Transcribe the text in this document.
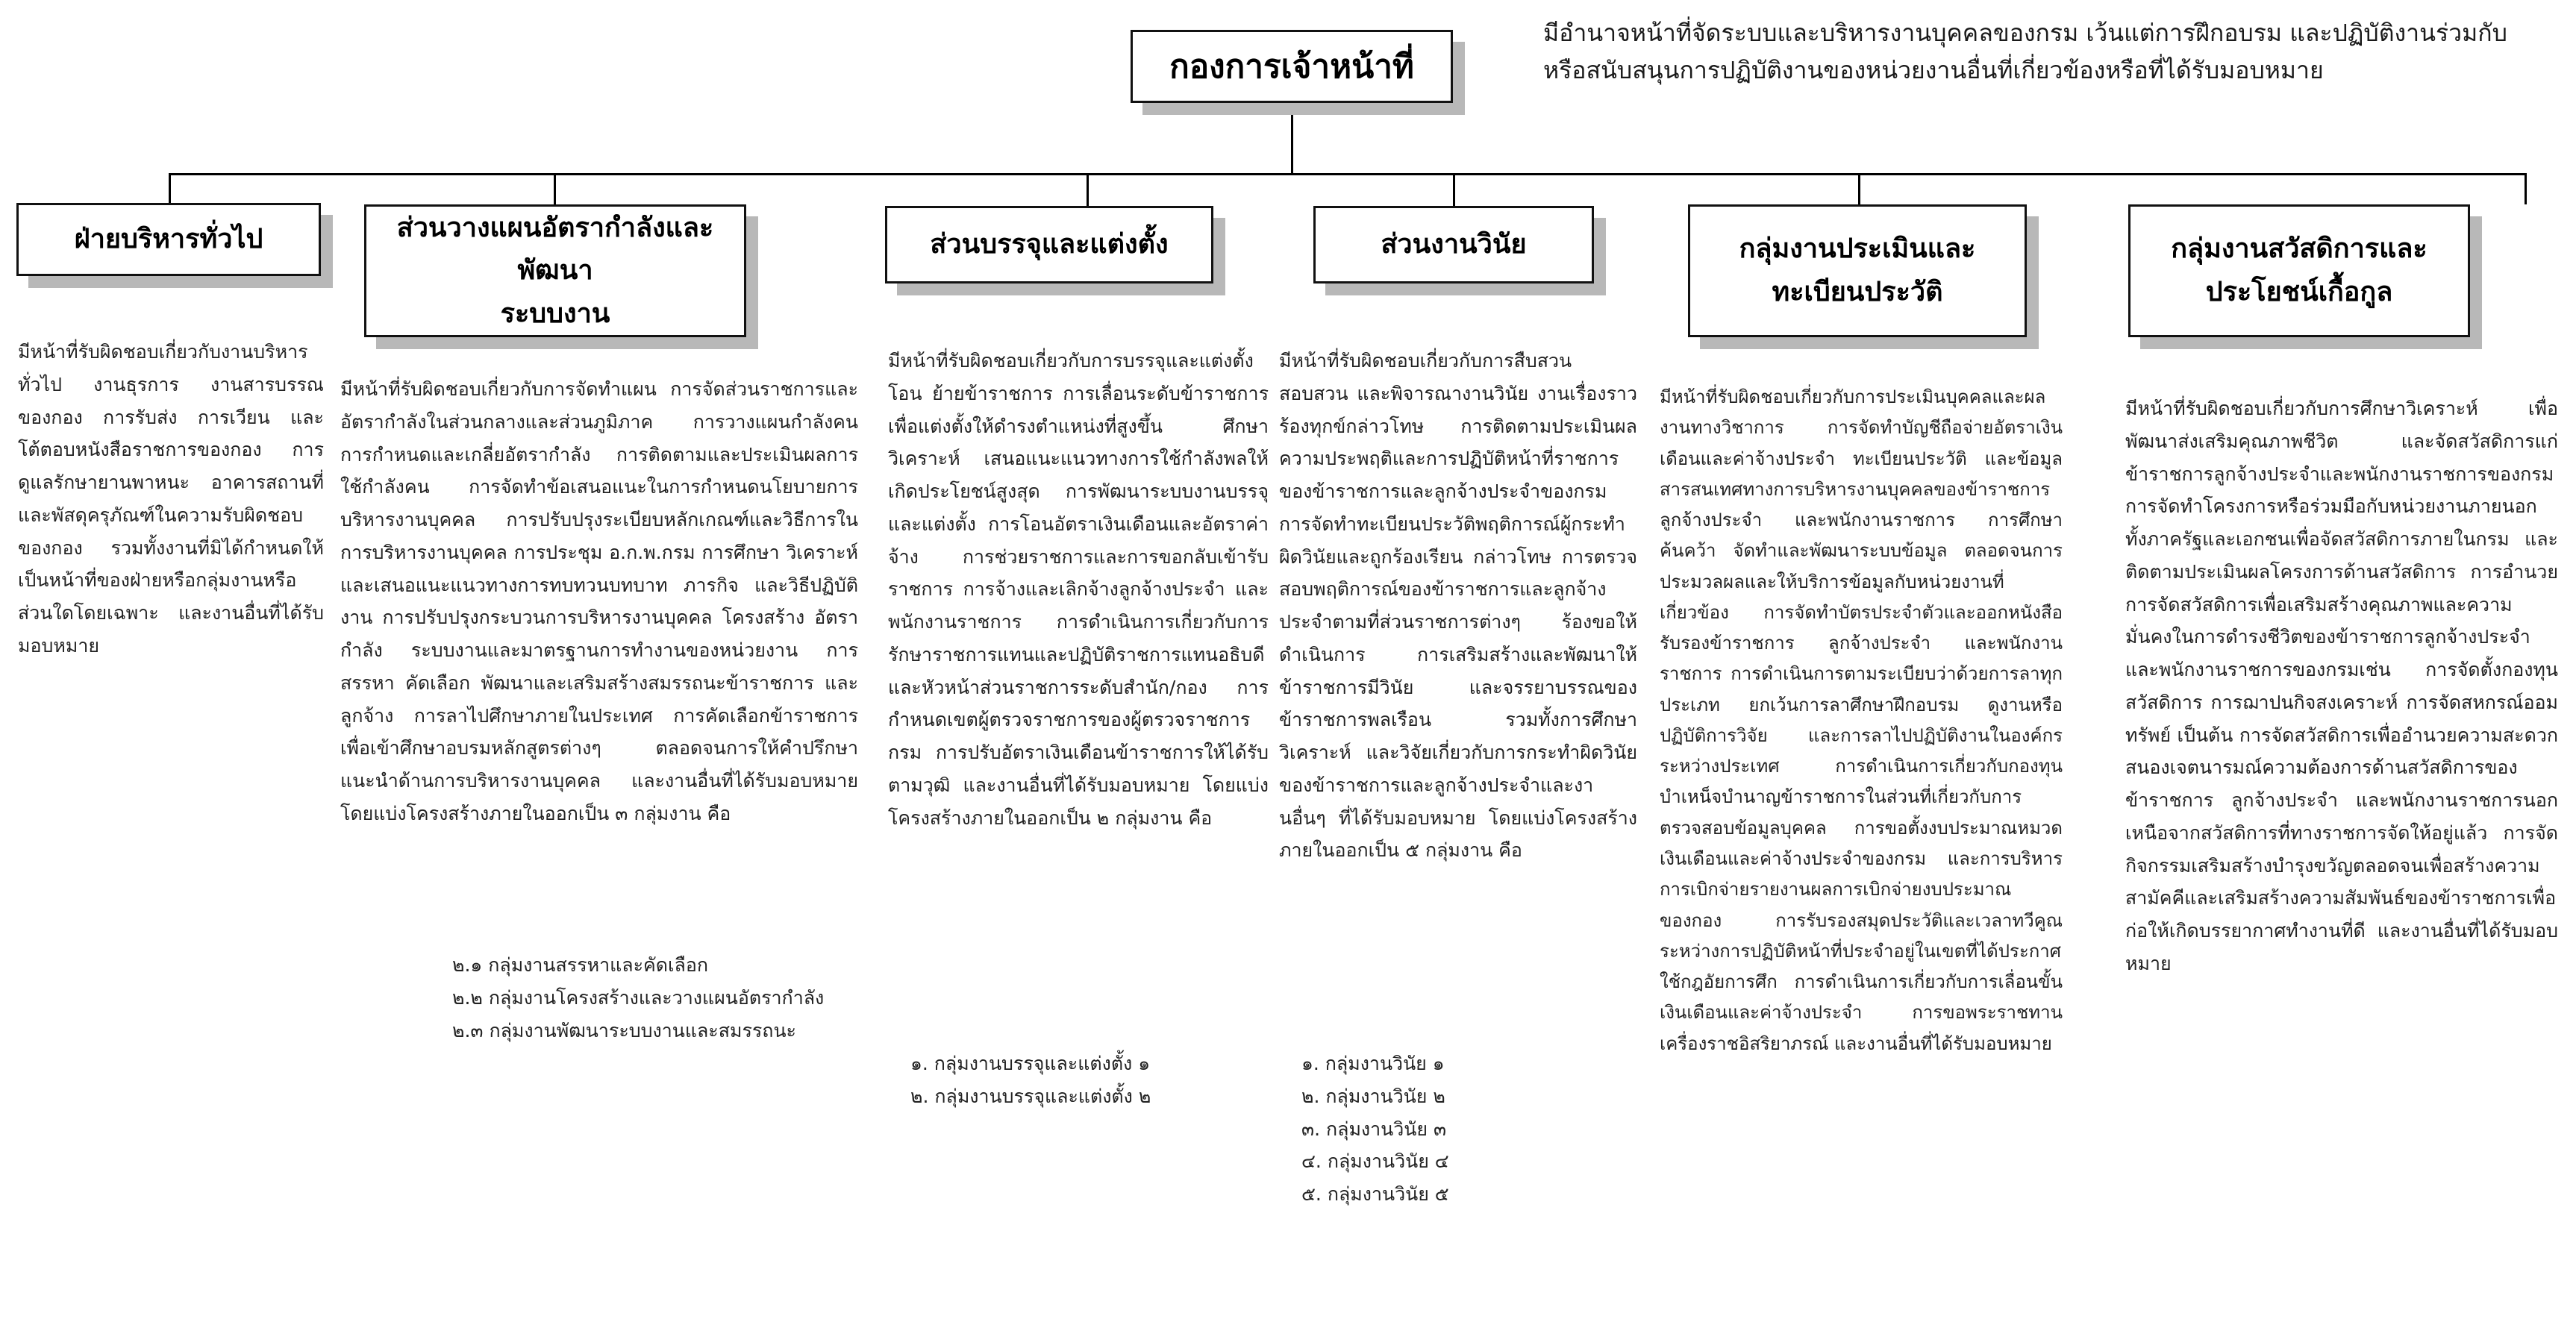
กองการเจ้าหน้าที่
มีอำนาจหน้าที่จัดระบบและบริหารงานบุคคลของกรม เว้นแต่การฝึกอบรม และปฏิบัติงานร่วมกับหรือสนับสนุนการปฏิบัติงานของหน่วยงานอื่นที่เกี่ยวข้องหรือที่ได้รับมอบหมาย
ฝ่ายบริหารทั่วไป	ส่วนวางแผนอัตรากำลังและพัฒนา
ระบบงาน
ส่วนบรรจุและแต่งตั้ง	ส่วนงานวินัย	กลุ่มงานประเมินและ
ทะเบียนประวัติ
กลุ่มงานสวัสดิการและ
ประโยชน์เกื้อกูล

มีหน้าที่รับผิดชอบเกี่ยวกับงานบริหารทั่วไป งานธุรการ งานสารบรรณของกอง การรับส่ง การเวียน และโต้ตอบหนังสือราชการของกอง การดูแลรักษายานพาหนะ อาคารสถานที่ และพัสดุครุภัณฑ์ในความรับผิดชอบของกอง รวมทั้งงานที่มิได้กำหนดให้เป็นหน้าที่ของฝ่ายหรือกลุ่มงานหรือส่วนใดโดยเฉพาะ และงานอื่นที่ได้รับมอบหมาย

มีหน้าที่รับผิดชอบเกี่ยวกับการจัดทำแผน การจัดส่วนราชการและอัตรากำลังในส่วนกลางและส่วนภูมิภาค การวางแผนกำลังคน การกำหนดและเกลี่ยอัตรากำลัง การติดตามและประเมินผลการใช้กำลังคน การจัดทำข้อเสนอแนะในการกำหนดนโยบายการบริหารงานบุคคล การปรับปรุงระเบียบหลักเกณฑ์และวิธีการในการบริหารงานบุคคล การประชุม อ.ก.พ.กรม การศึกษา วิเคราะห์ และเสนอแนะแนวทางการทบทวนบทบาท ภารกิจ และวิธีปฏิบัติงาน การปรับปรุงกระบวนการบริหารงานบุคคล โครงสร้าง อัตรากำลัง ระบบงานและมาตรฐานการทำงานของหน่วยงาน การสรรหา คัดเลือก พัฒนาและเสริมสร้างสมรรถนะข้าราชการ และลูกจ้าง การลาไปศึกษาภายในประเทศ การคัดเลือกข้าราชการเพื่อเข้าศึกษาอบรมหลักสูตรต่างๆ ตลอดจนการให้คำปรึกษาแนะนำด้านการบริหารงานบุคคล และงานอื่นที่ได้รับมอบหมาย โดยแบ่งโครงสร้างภายในออกเป็น ๓ กลุ่มงาน คือ

๒.๑ กลุ่มงานสรรหาและคัดเลือก
๒.๒ กลุ่มงานโครงสร้างและวางแผนอัตรากำลัง
๒.๓ กลุ่มงานพัฒนาระบบงานและสมรรถนะ

มีหน้าที่รับผิดชอบเกี่ยวกับการบรรจุและแต่งตั้ง โอน ย้ายข้าราชการ การเลื่อนระดับข้าราชการเพื่อแต่งตั้งให้ดำรงตำแหน่งที่สูงขึ้น ศึกษาวิเคราะห์ เสนอแนะแนวทางการใช้กำลังพลให้เกิดประโยชน์สูงสุด การพัฒนาระบบงานบรรจุและแต่งตั้ง การโอนอัตราเงินเดือนและอัตราค่าจ้าง การช่วยราชการและการขอกลับเข้ารับราชการ การจ้างและเลิกจ้างลูกจ้างประจำ และพนักงานราชการ การดำเนินการเกี่ยวกับการรักษาราชการแทนและปฏิบัติราชการแทนอธิบดีและหัวหน้าส่วนราชการระดับสำนัก/กอง การกำหนดเขตผู้ตรวจราชการของผู้ตรวจราชการกรม การปรับอัตราเงินเดือนข้าราชการให้ได้รับตามวุฒิ และงานอื่นที่ได้รับมอบหมาย โดยแบ่งโครงสร้างภายในออกเป็น ๒ กลุ่มงาน คือ

๑. กลุ่มงานบรรจุและแต่งตั้ง ๑
๒. กลุ่มงานบรรจุและแต่งตั้ง ๒

มีหน้าที่รับผิดชอบเกี่ยวกับการสืบสวน สอบสวน และพิจารณางานวินัย งานเรื่องราวร้องทุกข์กล่าวโทษ การติดตามประเมินผลความประพฤติและการปฏิบัติหน้าที่ราชการของข้าราชการและลูกจ้างประจำของกรม การจัดทำทะเบียนประวัติพฤติการณ์ผู้กระทำผิดวินัยและถูกร้องเรียน กล่าวโทษ การตรวจสอบพฤติการณ์ของข้าราชการและลูกจ้างประจำตามที่ส่วนราชการต่างๆ ร้องขอให้ดำเนินการ การเสริมสร้างและพัฒนาให้ข้าราชการมีวินัย และจรรยาบรรณของข้าราชการพลเรือน รวมทั้งการศึกษา วิเคราะห์ และวิจัยเกี่ยวกับการกระทำผิดวินัยของข้าราชการและลูกจ้างประจำและงานอื่นๆ ที่ได้รับมอบหมาย โดยแบ่งโครงสร้างภายในออกเป็น ๕ กลุ่มงาน คือ

๑. กลุ่มงานวินัย ๑
๒. กลุ่มงานวินัย ๒
๓. กลุ่มงานวินัย ๓
๔. กลุ่มงานวินัย ๔
๕. กลุ่มงานวินัย ๕

มีหน้าที่รับผิดชอบเกี่ยวกับการประเมินบุคคลและผลงานทางวิชาการ การจัดทำบัญชีถือจ่ายอัตราเงินเดือนและค่าจ้างประจำ ทะเบียนประวัติ และข้อมูลสารสนเทศทางการบริหารงานบุคคลของข้าราชการ ลูกจ้างประจำ และพนักงานราชการ การศึกษา ค้นคว้า จัดทำและพัฒนาระบบข้อมูล ตลอดจนการประมวลผลและให้บริการข้อมูลกับหน่วยงานที่เกี่ยวข้อง การจัดทำบัตรประจำตัวและออกหนังสือรับรองข้าราชการ ลูกจ้างประจำ และพนักงานราชการ การดำเนินการตามระเบียบว่าด้วยการลาทุกประเภท ยกเว้นการลาศึกษาฝึกอบรม ดูงานหรือปฏิบัติการวิจัย และการลาไปปฏิบัติงานในองค์กรระหว่างประเทศ การดำเนินการเกี่ยวกับกองทุนบำเหน็จบำนาญข้าราชการในส่วนที่เกี่ยวกับการตรวจสอบข้อมูลบุคคล การขอตั้งงบประมาณหมวดเงินเดือนและค่าจ้างประจำของกรม และการบริหารการเบิกจ่ายรายงานผลการเบิกจ่ายงบประมาณของกอง การรับรองสมุดประวัติและเวลาทวีคูณระหว่างการปฏิบัติหน้าที่ประจำอยู่ในเขตที่ได้ประกาศใช้กฎอัยการศึก การดำเนินการเกี่ยวกับการเลื่อนขั้นเงินเดือนและค่าจ้างประจำ การขอพระราชทานเครื่องราชอิสริยาภรณ์ และงานอื่นที่ได้รับมอบหมาย

มีหน้าที่รับผิดชอบเกี่ยวกับการศึกษาวิเคราะห์ เพื่อพัฒนาส่งเสริมคุณภาพชีวิต และจัดสวัสดิการแก่ข้าราชการลูกจ้างประจำและพนักงานราชการของกรม การจัดทำโครงการหรือร่วมมือกับหน่วยงานภายนอกทั้งภาครัฐและเอกชนเพื่อจัดสวัสดิการภายในกรม และติดตามประเมินผลโครงการด้านสวัสดิการ การอำนวยการจัดสวัสดิการเพื่อเสริมสร้างคุณภาพและความมั่นคงในการดำรงชีวิตของข้าราชการลูกจ้างประจำ และพนักงานราชการของกรมเช่น การจัดตั้งกองทุนสวัสดิการ การฌาปนกิจสงเคราะห์ การจัดสหกรณ์ออมทรัพย์ เป็นต้น การจัดสวัสดิการเพื่ออำนวยความสะดวกสนองเจตนารมณ์ความต้องการด้านสวัสดิการของข้าราชการ ลูกจ้างประจำ และพนักงานราชการนอกเหนือจากสวัสดิการที่ทางราชการจัดให้อยู่แล้ว การจัดกิจกรรมเสริมสร้างบำรุงขวัญตลอดจนเพื่อสร้างความสามัคคีและเสริมสร้างความสัมพันธ์ของข้าราชการเพื่อก่อให้เกิดบรรยากาศทำงานที่ดี และงานอื่นที่ได้รับมอบหมาย
